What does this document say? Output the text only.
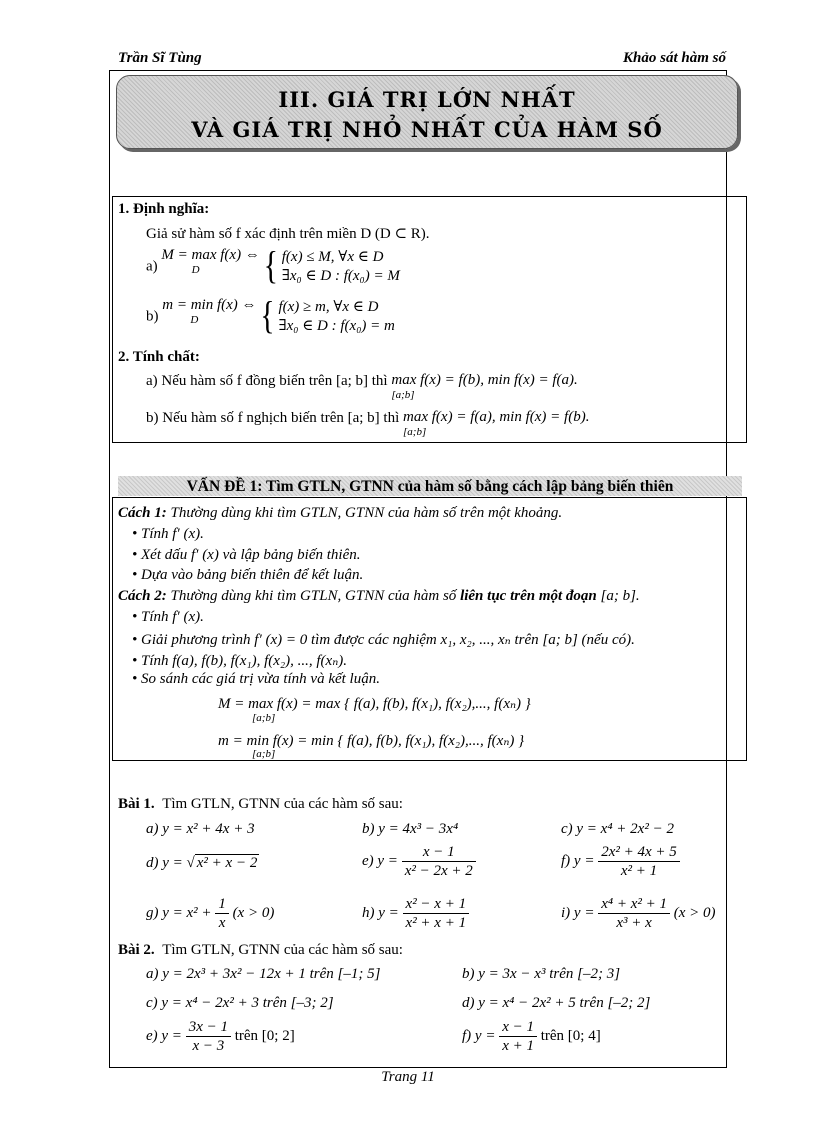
Trần Sĩ Tùng	Khảo sát hàm số
III. GIÁ TRỊ LỚN NHẤT
VÀ GIÁ TRỊ NHỎ NHẤT CỦA HÀM SỐ
1. Định nghĩa:
Giả sử hàm số f xác định trên miền D (D ⊂ R).
a) M = max f(x) ⇔
D	{ f(x) ≤ M, ∀x ∈ D
∃x₀ ∈ D : f(x₀) = M
b) m = min f(x) ⇔
D	{ f(x) ≥ m, ∀x ∈ D
∃x₀ ∈ D : f(x₀) = m
2. Tính chất:
a) Nếu hàm số f đồng biến trên [a; b] thì max f(x) = f(b), min f(x) = f(a).
[a;b]
b) Nếu hàm số f nghịch biến trên [a; b] thì max f(x) = f(a), min f(x) = f(b).
[a;b]
VẤN ĐỀ 1: Tìm GTLN, GTNN của hàm số bằng cách lập bảng biến thiên
Cách 1: Thường dùng khi tìm GTLN, GTNN của hàm số trên một khoảng.
• Tính f′ (x).
• Xét dấu f′ (x) và lập bảng biến thiên.
• Dựa vào bảng biến thiên để kết luận.
Cách 2: Thường dùng khi tìm GTLN, GTNN của hàm số liên tục trên một đoạn [a; b].
• Tính f′ (x).
• Giải phương trình f′ (x) = 0 tìm được các nghiệm x₁, x₂, ..., xₙ trên [a; b] (nếu có).
• Tính f(a), f(b), f(x₁), f(x₂), ..., f(xₙ).
• So sánh các giá trị vừa tính và kết luận.
M = max f(x) = max { f(a), f(b), f(x₁), f(x₂),..., f(xₙ) }
[a;b]
m = min f(x) = min { f(a), f(b), f(x₁), f(x₂),..., f(xₙ) }
[a;b]
Bài 1. Tìm GTLN, GTNN của các hàm số sau:
a) y = x² + 4x + 3	b) y = 4x³ − 3x⁴	c) y = x⁴ + 2x² − 2
d) y = √ x² + x − 2	e) $y = \frac{x - 1}{\text{x² − 2x + 2}}$	f) $y = \frac{\text{2x² + 4x + 5}}{\text{x² + 1}}$
g) $y = x^2 + \frac{1}{x} (x > 0)$	h) $y = \frac{\text{x² − x + 1}}{\text{x² + x + 1}}$	i) $y = \frac{\text{x⁴ + x² + 1}}{\text{x³ + x}} (x > 0)$
Bài 2. Tìm GTLN, GTNN của các hàm số sau:
a) y = 2x³ + 3x² − 12x + 1 trên [–1; 5]	b) y = 3x − x³ trên [–2; 3]
c) y = x⁴ − 2x² + 3 trên [–3; 2]	d) y = x⁴ − 2x² + 5 trên [–2; 2]
e) $y = \frac{3x - 1}{x - 3}$ trên [0; 2]	f) $y = \frac{x - 1}{x + 1}$ trên [0; 4]
Trang 11
